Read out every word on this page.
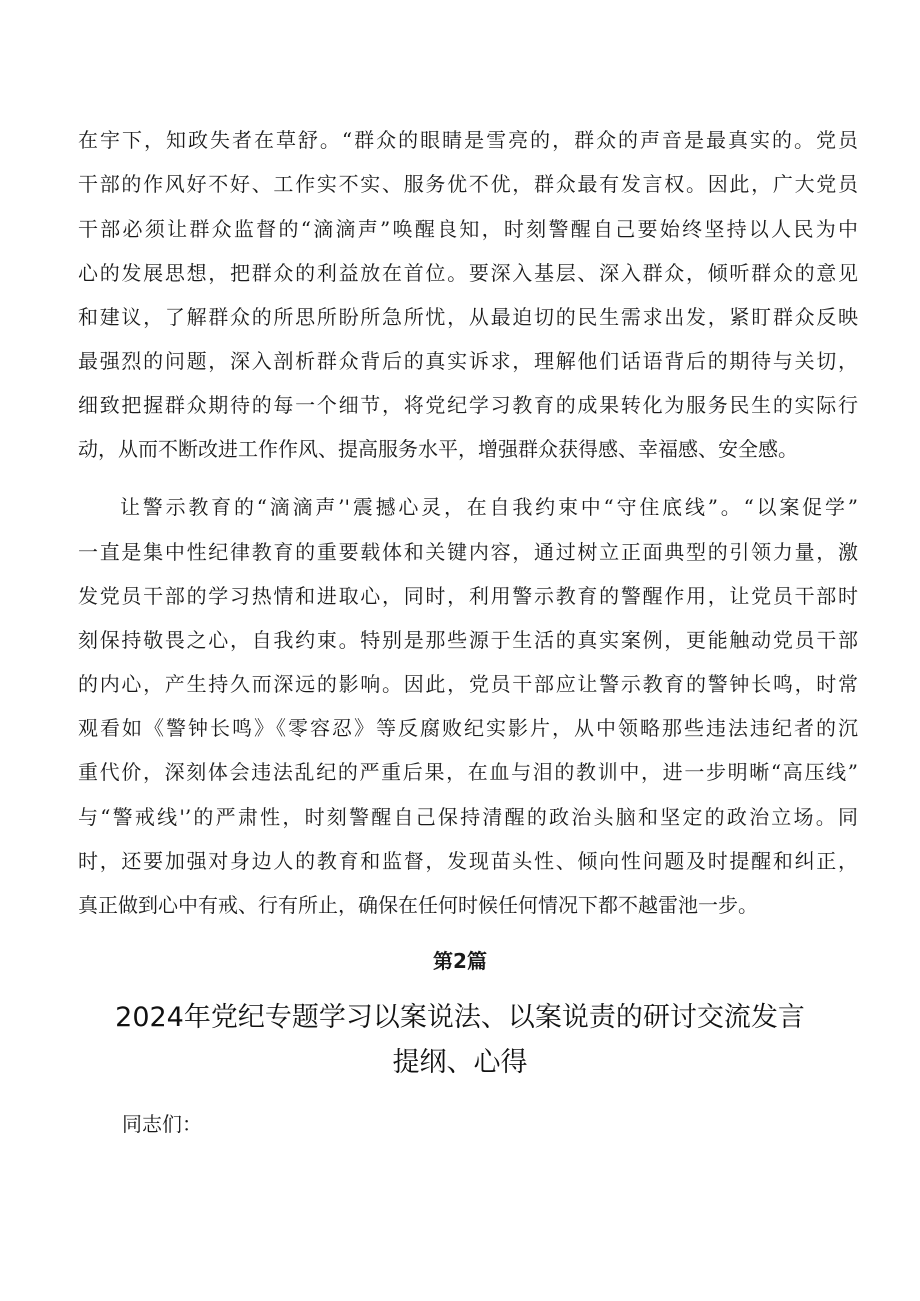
在宇下，知政失者在草舒。“群众的眼睛是雪亮的，群众的声音是最真实的。党员
干部的作风好不好、工作实不实、服务优不优，群众最有发言权。因此，广大党员
干部必须让群众监督的“滴滴声”唤醒良知，时刻警醒自己要始终坚持以人民为中
心的发展思想，把群众的利益放在首位。要深入基层、深入群众，倾听群众的意见
和建议，了解群众的所思所盼所急所忧，从最迫切的民生需求出发，紧盯群众反映
最强烈的问题，深入剖析群众背后的真实诉求，理解他们话语背后的期待与关切，
细致把握群众期待的每一个细节，将党纪学习教育的成果转化为服务民生的实际行
动，从而不断改进工作作风、提高服务水平，增强群众获得感、幸福感、安全感。
让警示教育的“滴滴声’'震撼心灵，在自我约束中“守住底线”。“以案促学”
一直是集中性纪律教育的重要载体和关键内容，通过树立正面典型的引领力量，激
发党员干部的学习热情和进取心，同时，利用警示教育的警醒作用，让党员干部时
刻保持敬畏之心，自我约束。特别是那些源于生活的真实案例，更能触动党员干部
的内心，产生持久而深远的影响。因此，党员干部应让警示教育的警钟长鸣，时常
观看如《警钟长鸣》《零容忍》等反腐败纪实影片，从中领略那些违法违纪者的沉
重代价，深刻体会违法乱纪的严重后果，在血与泪的教训中，进一步明晰“高压线”
与“警戒线'’的严肃性，时刻警醒自己保持清醒的政治头脑和坚定的政治立场。同
时，还要加强对身边人的教育和监督，发现苗头性、倾向性问题及时提醒和纠正，
真正做到心中有戒、行有所止，确保在任何时候任何情况下都不越雷池一步。
第2篇
2024年党纪专题学习以案说法、以案说责的研讨交流发言
提纲、心得
同志们：
